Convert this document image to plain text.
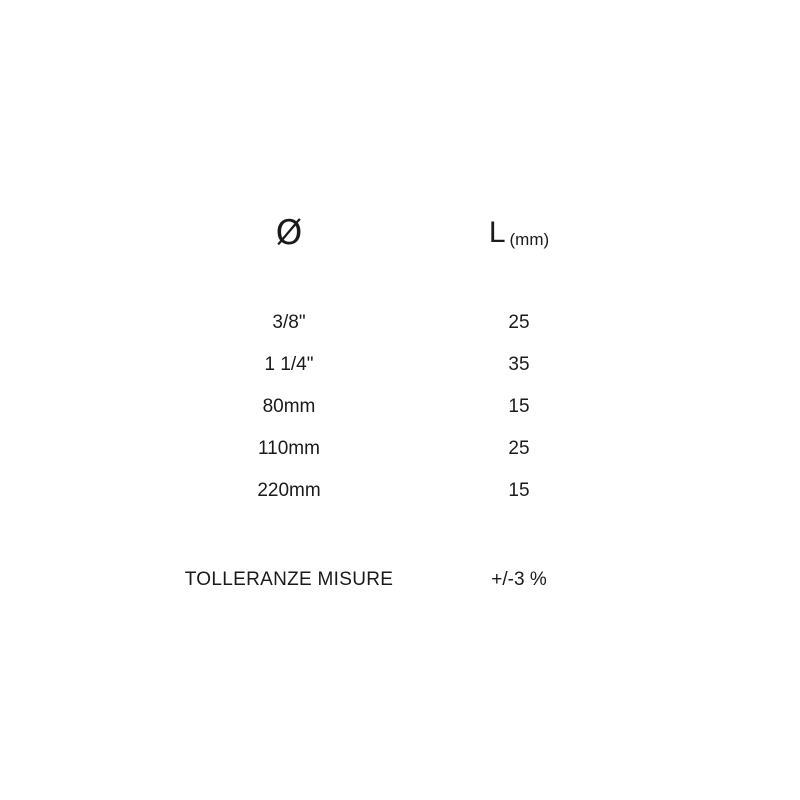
Ø	L (mm)

3/8"	25
1 1/4"	35
80mm	15
110mm	25
220mm	15

TOLLERANZE MISURE	+/-3 %
